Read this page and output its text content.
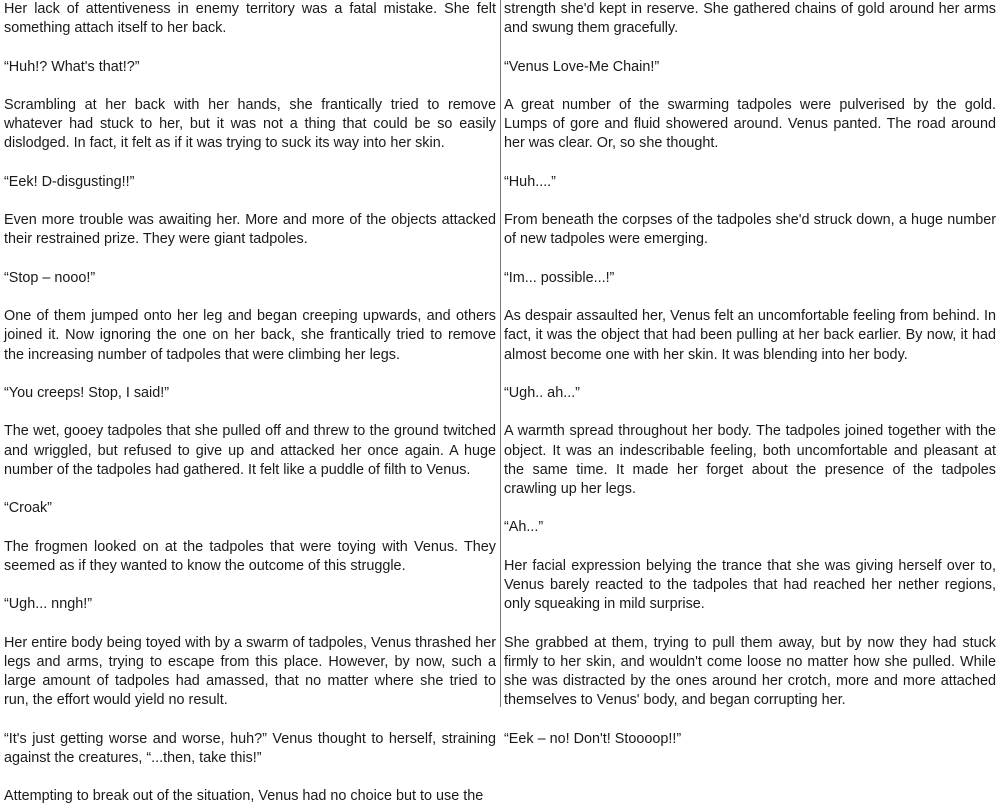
Her lack of attentiveness in enemy territory was a fatal mistake. She felt something attach itself to her back.

“Huh!? What's that!?”

Scrambling at her back with her hands, she frantically tried to remove whatever had stuck to her, but it was not a thing that could be so easily dislodged. In fact, it felt as if it was trying to suck its way into her skin.

“Eek! D-disgusting!!”

Even more trouble was awaiting her. More and more of the objects attacked their restrained prize. They were giant tadpoles.

“Stop – nooo!”

One of them jumped onto her leg and began creeping upwards, and others joined it. Now ignoring the one on her back, she frantically tried to remove the increasing number of tadpoles that were climbing her legs.

“You creeps! Stop, I said!”

The wet, gooey tadpoles that she pulled off and threw to the ground twitched and wriggled, but refused to give up and attacked her once again. A huge number of the tadpoles had gathered. It felt like a puddle of filth to Venus.

“Croak”

The frogmen looked on at the tadpoles that were toying with Venus. They seemed as if they wanted to know the outcome of this struggle.

“Ugh... nngh!”

Her entire body being toyed with by a swarm of tadpoles, Venus thrashed her legs and arms, trying to escape from this place. However, by now, such a large amount of tadpoles had amassed, that no matter where she tried to run, the effort would yield no result.

“It's just getting worse and worse, huh?” Venus thought to herself, straining against the creatures, “...then, take this!”

Attempting to break out of the situation, Venus had no choice but to use the

strength she'd kept in reserve. She gathered chains of gold around her arms and swung them gracefully.

“Venus Love-Me Chain!”

A great number of the swarming tadpoles were pulverised by the gold. Lumps of gore and fluid showered around. Venus panted. The road around her was clear. Or, so she thought.

“Huh....”

From beneath the corpses of the tadpoles she'd struck down, a huge number of new tadpoles were emerging.

“Im... possible...!”

As despair assaulted her, Venus felt an uncomfortable feeling from behind. In fact, it was the object that had been pulling at her back earlier. By now, it had almost become one with her skin. It was blending into her body.

“Ugh.. ah...”

A warmth spread throughout her body. The tadpoles joined together with the object. It was an indescribable feeling, both uncomfortable and pleasant at the same time. It made her forget about the presence of the tadpoles crawling up her legs.

“Ah...”

Her facial expression belying the trance that she was giving herself over to, Venus barely reacted to the tadpoles that had reached her nether regions, only squeaking in mild surprise.

She grabbed at them, trying to pull them away, but by now they had stuck firmly to her skin, and wouldn't come loose no matter how she pulled. While she was distracted by the ones around her crotch, more and more attached themselves to Venus' body, and began corrupting her.

“Eek – no! Don't! Stoooop!!”
